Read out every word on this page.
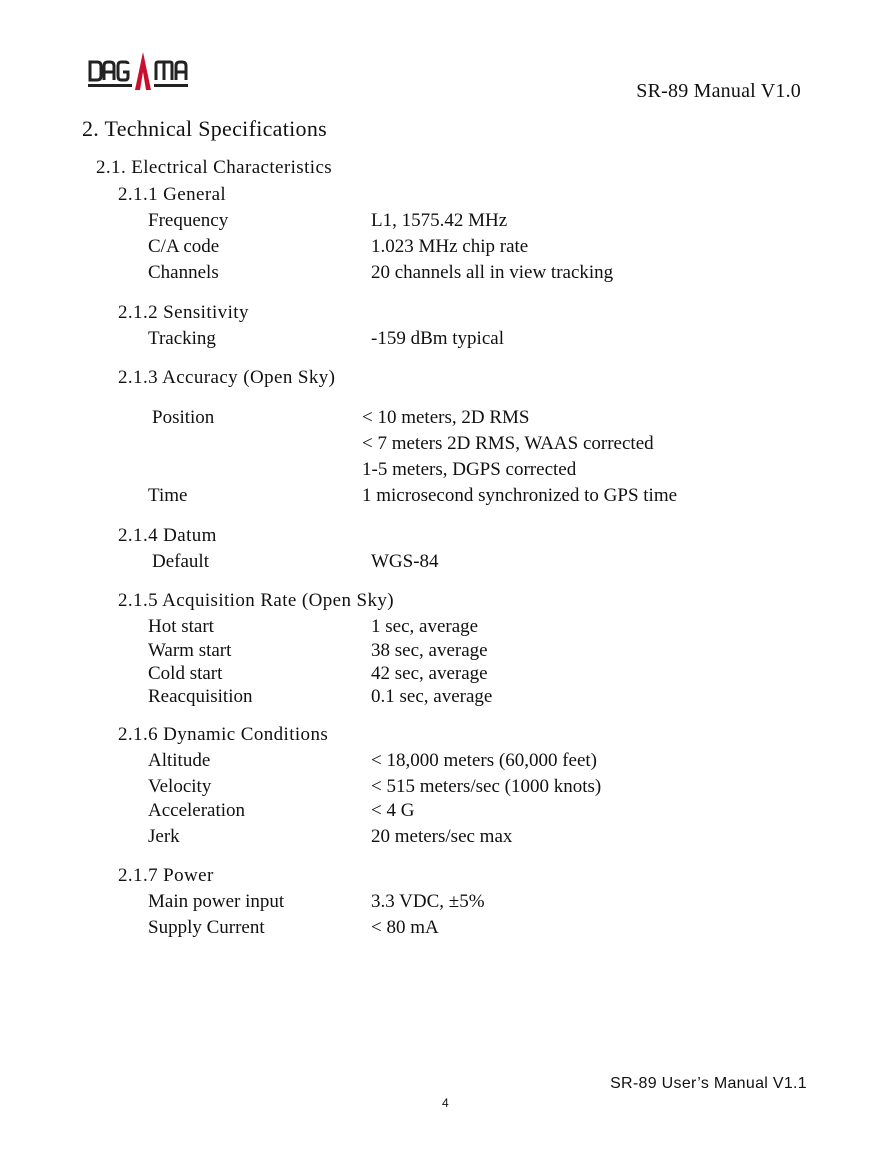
SR-89 Manual V1.0
2. Technical Specifications
2.1. Electrical Characteristics
2.1.1 General
Frequency	L1, 1575.42 MHz
C/A code	1.023 MHz chip rate
Channels	20 channels all in view tracking
2.1.2 Sensitivity
Tracking	-159 dBm typical
2.1.3 Accuracy (Open Sky)
Position	< 10 meters, 2D RMS
< 7 meters 2D RMS, WAAS corrected
1-5 meters, DGPS corrected
Time	1 microsecond synchronized to GPS time
2.1.4 Datum
Default	WGS-84
2.1.5 Acquisition Rate (Open Sky)
Hot start	1 sec, average
Warm start	38 sec, average
Cold start	42 sec, average
Reacquisition	0.1 sec, average
2.1.6 Dynamic Conditions
Altitude	< 18,000 meters (60,000 feet)
Velocity	< 515 meters/sec (1000 knots)
Acceleration	< 4 G
Jerk	20 meters/sec max
2.1.7 Power
Main power input	3.3 VDC, ±5%
Supply Current	< 80 mA
SR-89 User’s Manual V1.1
4
